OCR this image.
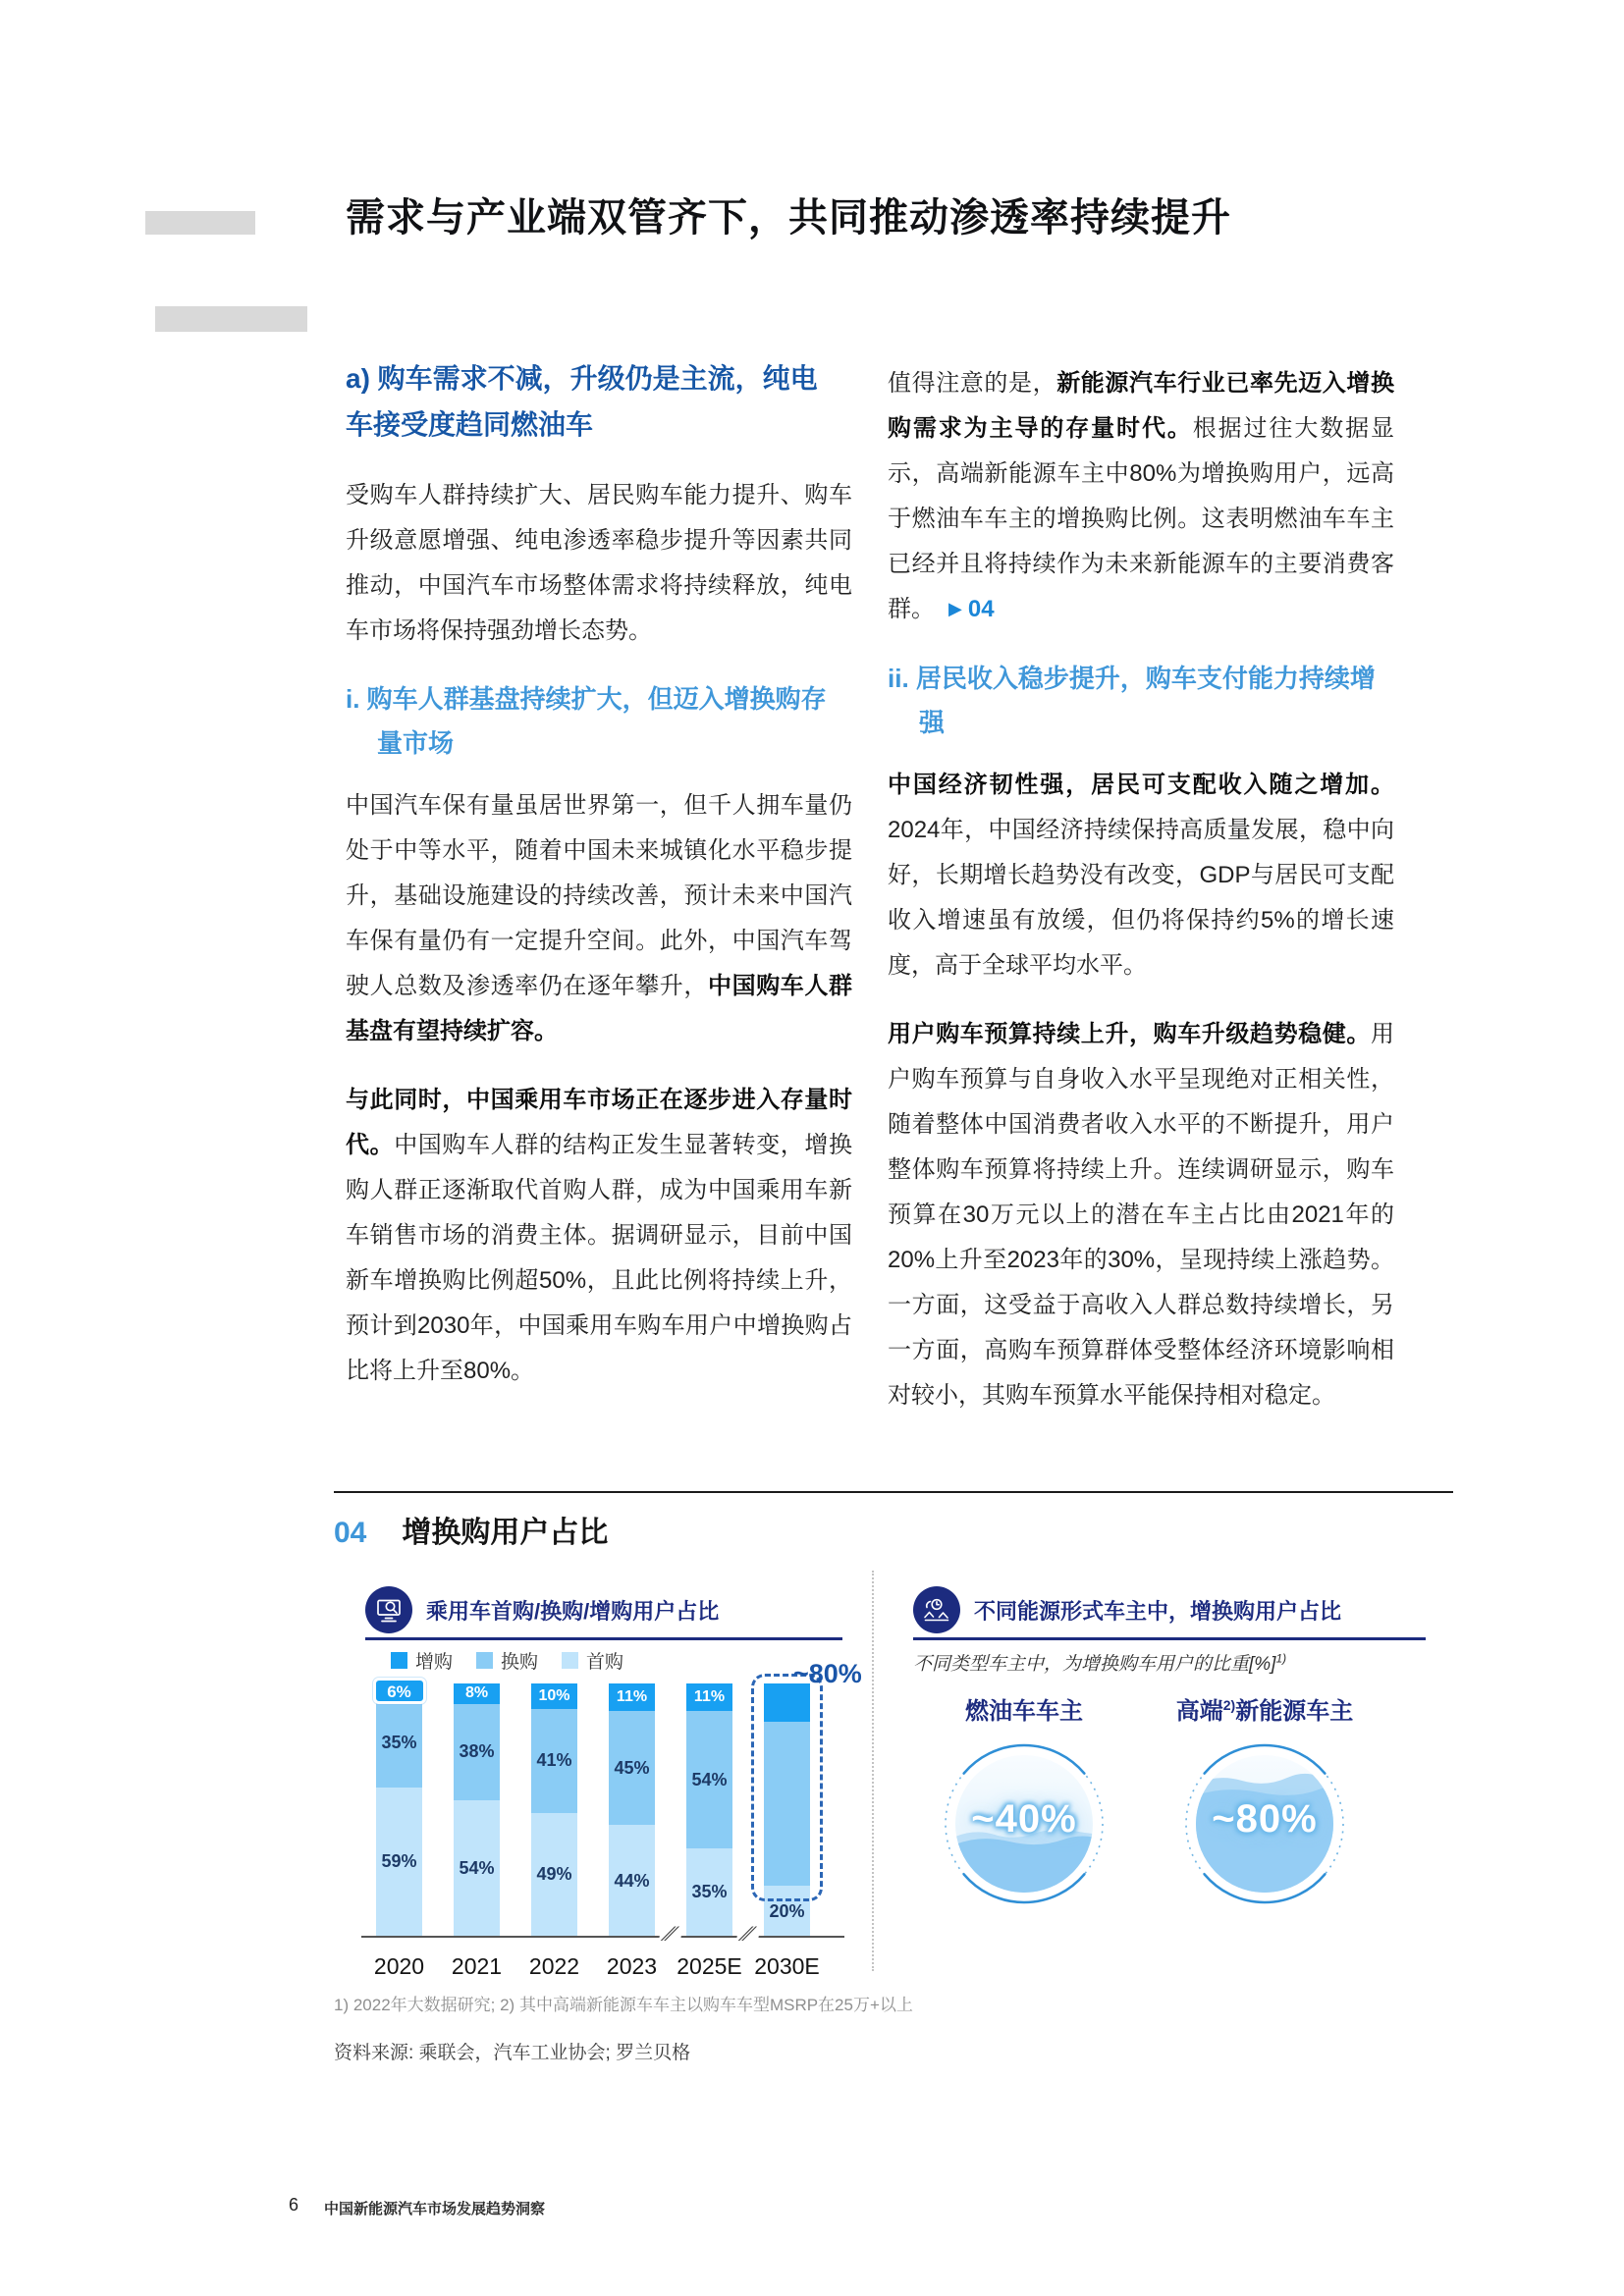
需求与产业端双管齐下，共同推动渗透率持续提升
a) 购车需求不减，升级仍是主流，纯电车接受度趋同燃油车

受购车人群持续扩大、居民购车能力提升、购车升级意愿增强、纯电渗透率稳步提升等因素共同推动，中国汽车市场整体需求将持续释放，纯电车市场将保持强劲增长态势。

i. 购车人群基盘持续扩大，但迈入增换购存量市场

中国汽车保有量虽居世界第一，但千人拥车量仍处于中等水平，随着中国未来城镇化水平稳步提升，基础设施建设的持续改善，预计未来中国汽车保有量仍有一定提升空间。此外，中国汽车驾驶人总数及渗透率仍在逐年攀升，中国购车人群基盘有望持续扩容。

与此同时，中国乘用车市场正在逐步进入存量时代。中国购车人群的结构正发生显著转变，增换购人群正逐渐取代首购人群，成为中国乘用车新车销售市场的消费主体。据调研显示，目前中国新车增换购比例超50%，且此比例将持续上升，预计到2030年，中国乘用车购车用户中增换购占比将上升至80%。

值得注意的是，新能源汽车行业已率先迈入增换购需求为主导的存量时代。根据过往大数据显示，高端新能源车主中80%为增换购用户，远高于燃油车车主的增换购比例。这表明燃油车车主已经并且将持续作为未来新能源车的主要消费客群。 ▶ 04

ii. 居民收入稳步提升，购车支付能力持续增强

中国经济韧性强，居民可支配收入随之增加。2024年，中国经济持续保持高质量发展，稳中向好，长期增长趋势没有改变，GDP与居民可支配收入增速虽有放缓，但仍将保持约5%的增长速度，高于全球平均水平。

用户购车预算持续上升，购车升级趋势稳健。用户购车预算与自身收入水平呈现绝对正相关性，随着整体中国消费者收入水平的不断提升，用户整体购车预算将持续上升。连续调研显示，购车预算在30万元以上的潜在车主占比由2021年的20%上升至2023年的30%，呈现持续上涨趋势。一方面，这受益于高收入人群总数持续增长，另一方面，高购车预算群体受整体经济环境影响相对较小，其购车预算水平能保持相对稳定。

04 增换购用户占比
乘用车首购/换购/增购用户占比
增购	换购	首购
6%
35%
59%
2020
8%
38%
54%
2021
10%
41%
49%
2022
11%
45%
44%
2023
11%
54%
35%
2025E
20%
~80%
2030E
不同能源形式车主中，增换购用户占比
不同类型车主中，为增换购车用户的比重[%]$^{1)}$
燃油车车主
~40%
高端$^{2)}$新能源车主
~80%
1) 2022年大数据研究; 2) 其中高端新能源车车主以购车车型MSRP在25万+以上
资料来源: 乘联会，汽车工业协会; 罗兰贝格
6 中国新能源汽车市场发展趋势洞察
∕∕	∕∕
